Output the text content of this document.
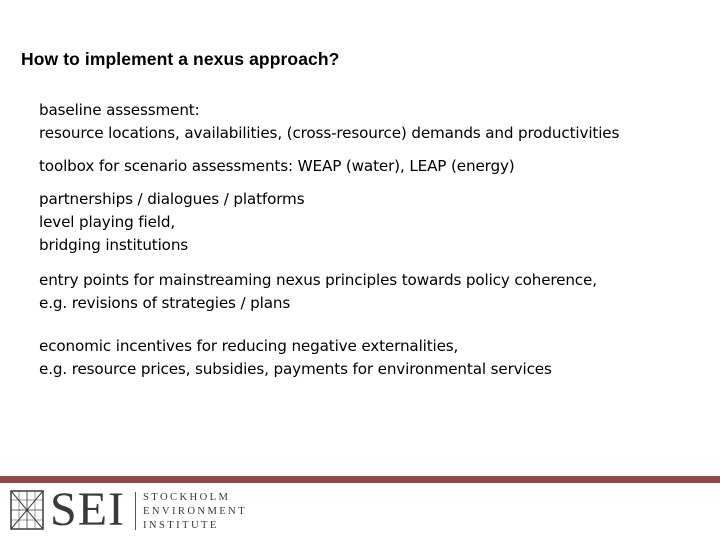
How to implement a nexus approach?

baseline assessment:
resource locations, availabilities, (cross-resource) demands and productivities

toolbox for scenario assessments: WEAP (water), LEAP (energy)

partnerships / dialogues / platforms
level playing field,
bridging institutions

entry points for mainstreaming nexus principles towards policy coherence,
e.g. revisions of strategies / plans

economic incentives for reducing negative externalities,
e.g. resource prices, subsidies, payments for environmental services

SEI STOCKHOLM
ENVIRONMENT
INSTITUTE
